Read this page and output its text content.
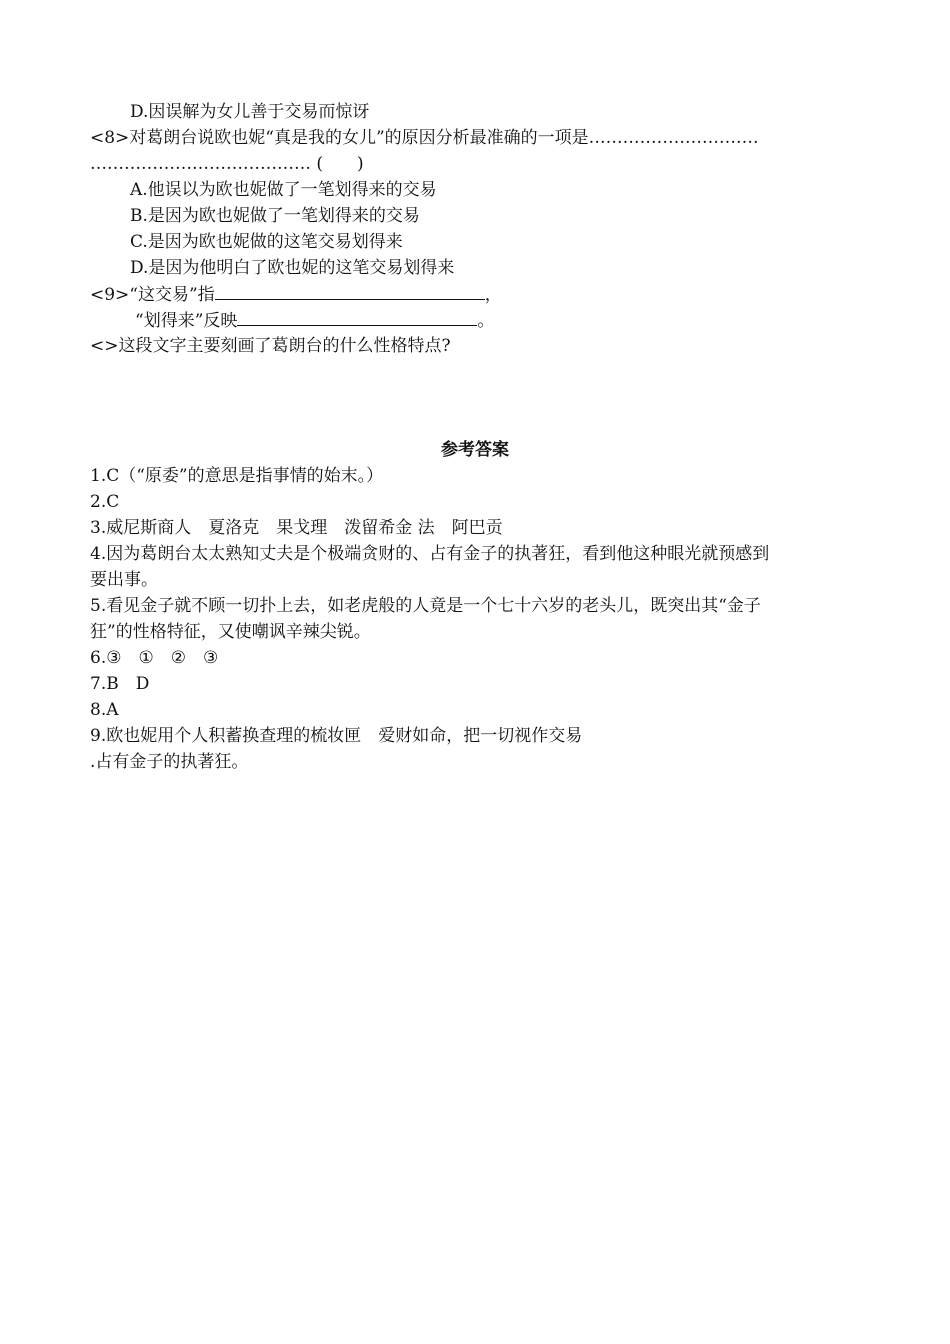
D.因误解为女儿善于交易而惊讶
<8>对葛朗台说欧也妮“真是我的女儿”的原因分析最准确的一项是…………………………
………………………………… (　　)
A.他误以为欧也妮做了一笔划得来的交易
B.是因为欧也妮做了一笔划得来的交易
C.是因为欧也妮做的这笔交易划得来
D.是因为他明白了欧也妮的这笔交易划得来
<9>“这交易”指	，
“划得来”反映	。
<>这段文字主要刻画了葛朗台的什么性格特点?
参考答案
1.C（“原委”的意思是指事情的始末。）
2.C
3.威尼斯商人　夏洛克　果戈理　泼留希金 法　阿巴贡
4.因为葛朗台太太熟知丈夫是个极端贪财的、占有金子的执著狂，看到他这种眼光就预感到
要出事。
5.看见金子就不顾一切扑上去，如老虎般的人竟是一个七十六岁的老头儿，既突出其“金子
狂”的性格特征，又使嘲讽辛辣尖锐。
6.③　①　②　③
7.B　D
8.A
9.欧也妮用个人积蓄换查理的梳妆匣　爱财如命，把一切视作交易
.占有金子的执著狂。
